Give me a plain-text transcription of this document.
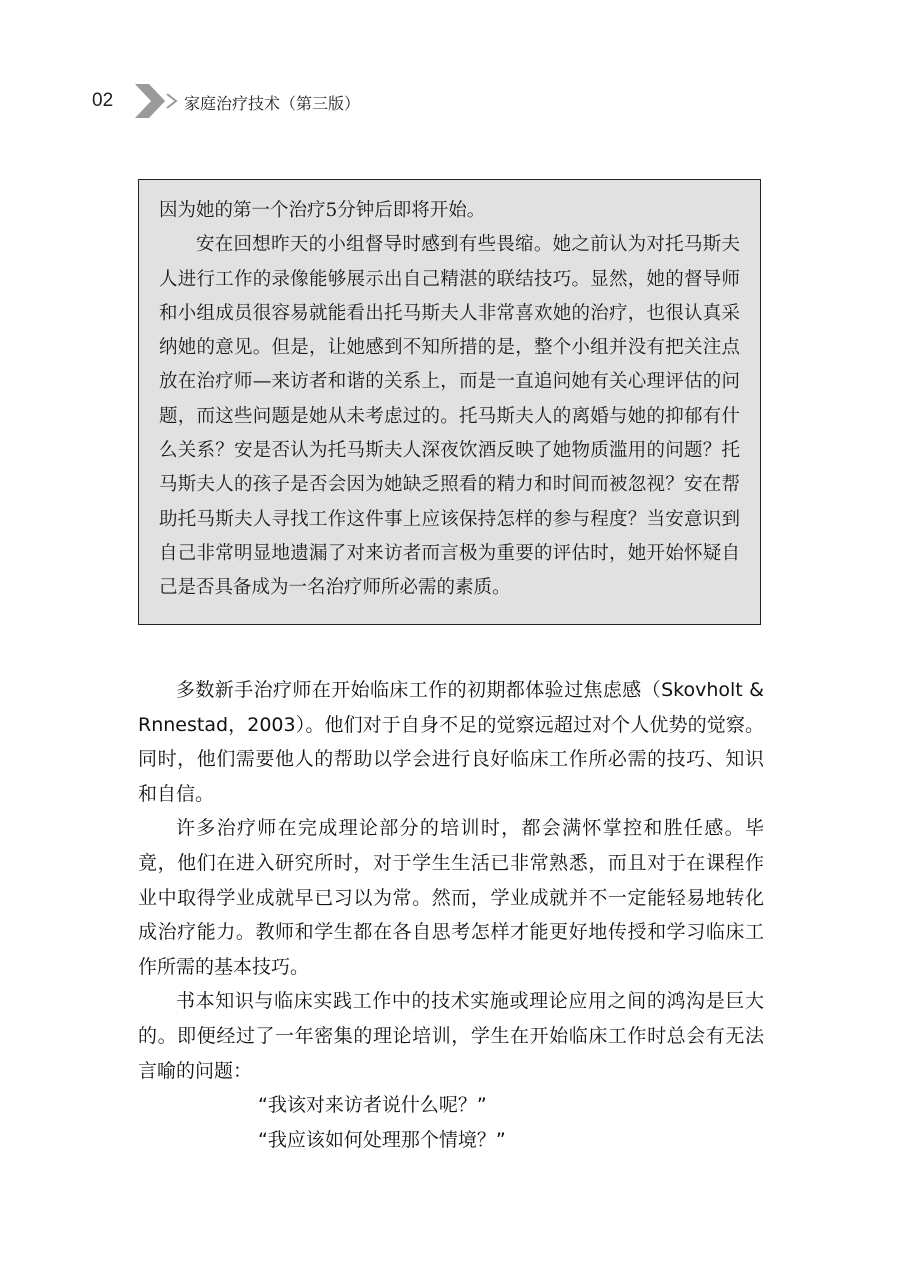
02	家庭治疗技术（第三版）

因为她的第一个治疗5分钟后即将开始。

安在回想昨天的小组督导时感到有些畏缩。她之前认为对托马斯夫人进行工作的录像能够展示出自己精湛的联结技巧。显然，她的督导师和小组成员很容易就能看出托马斯夫人非常喜欢她的治疗，也很认真采纳她的意见。但是，让她感到不知所措的是，整个小组并没有把关注点放在治疗师—来访者和谐的关系上，而是一直追问她有关心理评估的问题，而这些问题是她从未考虑过的。托马斯夫人的离婚与她的抑郁有什么关系？安是否认为托马斯夫人深夜饮酒反映了她物质滥用的问题？托马斯夫人的孩子是否会因为她缺乏照看的精力和时间而被忽视？安在帮助托马斯夫人寻找工作这件事上应该保持怎样的参与程度？当安意识到自己非常明显地遗漏了对来访者而言极为重要的评估时，她开始怀疑自己是否具备成为一名治疗师所必需的素质。

多数新手治疗师在开始临床工作的初期都体验过焦虑感（Skovholt & Rnnestad，2003）。他们对于自身不足的觉察远超过对个人优势的觉察。同时，他们需要他人的帮助以学会进行良好临床工作所必需的技巧、知识和自信。

许多治疗师在完成理论部分的培训时，都会满怀掌控和胜任感。毕竟，他们在进入研究所时，对于学生生活已非常熟悉，而且对于在课程作业中取得学业成就早已习以为常。然而，学业成就并不一定能轻易地转化成治疗能力。教师和学生都在各自思考怎样才能更好地传授和学习临床工作所需的基本技巧。

书本知识与临床实践工作中的技术实施或理论应用之间的鸿沟是巨大的。即便经过了一年密集的理论培训，学生在开始临床工作时总会有无法言喻的问题：

“我该对来访者说什么呢？”

“我应该如何处理那个情境？”
